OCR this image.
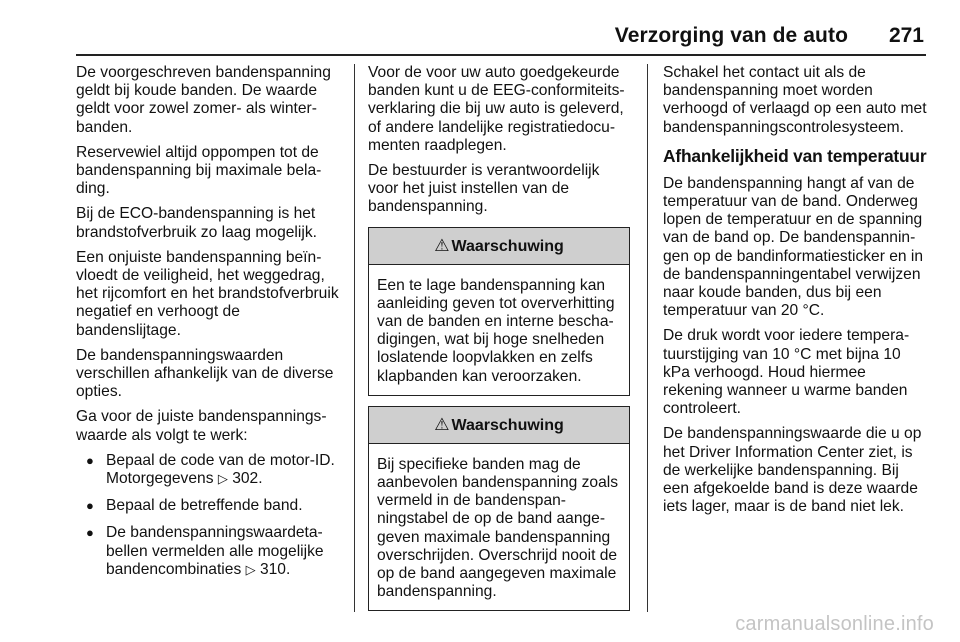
Verzorging van de auto 271

De voorgeschreven bandenspanning geldt bij koude banden. De waarde geldt voor zowel zomer- als winterbanden.

Reservewiel altijd oppompen tot de bandenspanning bij maximale belading.

Bij de ECO-bandenspanning is het brandstofverbruik zo laag mogelijk.

Een onjuiste bandenspanning beïnvloedt de veiligheid, het weggedrag, het rijcomfort en het brandstofverbruik negatief en verhoogt de bandenslijtage.

De bandenspanningswaarden verschillen afhankelijk van de diverse opties.

Ga voor de juiste bandenspanningswaarde als volgt te werk:

● Bepaal de code van de motor-ID. Motorgegevens ▷ 302.
● Bepaal de betreffende band.
● De bandenspanningswaardetabellen vermelden alle mogelijke bandencombinaties ▷ 310.

Voor de voor uw auto goedgekeurde banden kunt u de EEG-conformiteitsverklaring die bij uw auto is geleverd, of andere landelijke registratiedocumenten raadplegen.

De bestuurder is verantwoordelijk voor het juist instellen van de bandenspanning.

⚠ Waarschuwing
Een te lage bandenspanning kan aanleiding geven tot oververhitting van de banden en interne beschadigingen, wat bij hoge snelheden loslatende loopvlakken en zelfs klapbanden kan veroorzaken.
⚠ Waarschuwing
Bij specifieke banden mag de aanbevolen bandenspanning zoals vermeld in de bandenspanningstabel de op de band aangegeven maximale bandenspanning overschrijden. Overschrijd nooit de op de band aangegeven maximale bandenspanning.

Schakel het contact uit als de bandenspanning moet worden verhoogd of verlaagd op een auto met bandenspanningscontrolesysteem.

Afhankelijkheid van temperatuur

De bandenspanning hangt af van de temperatuur van de band. Onderweg lopen de temperatuur en de spanning van de band op. De bandenspanningen op de bandinformatiesticker en in de bandenspanningentabel verwijzen naar koude banden, dus bij een temperatuur van 20 °C.

De druk wordt voor iedere temperatuurstijging van 10 °C met bijna 10 kPa verhoogd. Houd hiermee rekening wanneer u warme banden controleert.

De bandenspanningswaarde die u op het Driver Information Center ziet, is de werkelijke bandenspanning. Bij een afgekoelde band is deze waarde iets lager, maar is de band niet lek.

carmanualsonline.info
